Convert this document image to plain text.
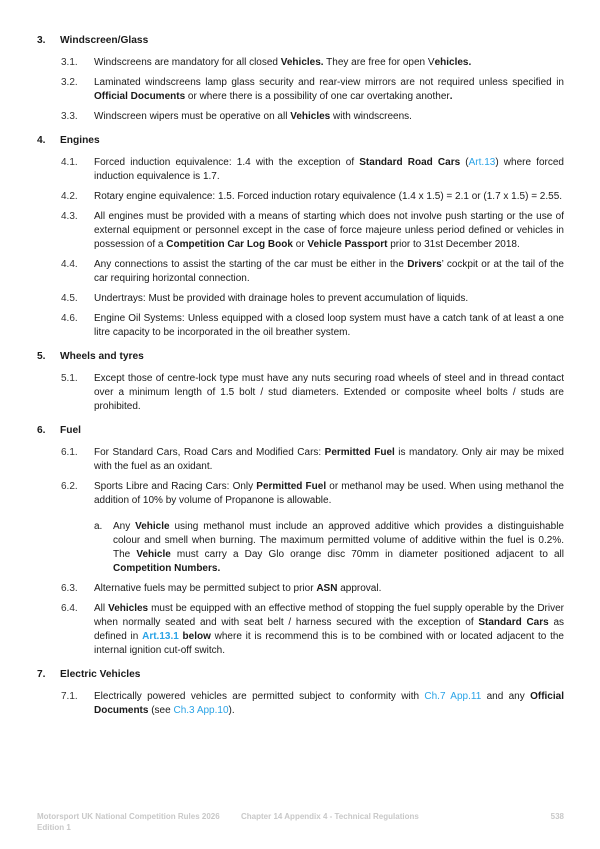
3.	Windscreen/Glass
3.1.	Windscreens are mandatory for all closed Vehicles. They are free for open Vehicles.
3.2.	Laminated windscreens lamp glass security and rear-view mirrors are not required unless specified in Official Documents or where there is a possibility of one car overtaking another.
3.3.	Windscreen wipers must be operative on all Vehicles with windscreens.
4.	Engines
4.1.	Forced induction equivalence: 1.4 with the exception of Standard Road Cars (Art.13) where forced induction equivalence is 1.7.
4.2.	Rotary engine equivalence: 1.5. Forced induction rotary equivalence (1.4 x 1.5) = 2.1 or (1.7 x 1.5) = 2.55.
4.3.	All engines must be provided with a means of starting which does not involve push starting or the use of external equipment or personnel except in the case of force majeure unless period defined or vehicles in possession of a Competition Car Log Book or Vehicle Passport prior to 31st December 2018.
4.4.	Any connections to assist the starting of the car must be either in the Drivers’ cockpit or at the tail of the car requiring horizontal connection.
4.5.	Undertrays: Must be provided with drainage holes to prevent accumulation of liquids.
4.6.	Engine Oil Systems: Unless equipped with a closed loop system must have a catch tank of at least a one litre capacity to be incorporated in the oil breather system.
5.	Wheels and tyres
5.1.	Except those of centre-lock type must have any nuts securing road wheels of steel and in thread contact over a minimum length of 1.5 bolt / stud diameters. Extended or composite wheel bolts / studs are prohibited.
6.	Fuel
6.1.	For Standard Cars, Road Cars and Modified Cars: Permitted Fuel is mandatory. Only air may be mixed with the fuel as an oxidant.
6.2.	Sports Libre and Racing Cars: Only Permitted Fuel or methanol may be used. When using methanol the addition of 10% by volume of Propanone is allowable.
a.	Any Vehicle using methanol must include an approved additive which provides a distinguishable colour and smell when burning. The maximum permitted volume of additive within the fuel is 0.2%. The Vehicle must carry a Day Glo orange disc 70mm in diameter positioned adjacent to all Competition Numbers.
6.3.	Alternative fuels may be permitted subject to prior ASN approval.
6.4.	All Vehicles must be equipped with an effective method of stopping the fuel supply operable by the Driver when normally seated and with seat belt / harness secured with the exception of Standard Cars as defined in Art.13.1 below where it is recommend this is to be combined with or located adjacent to the internal ignition cut-off switch.
7.	Electric Vehicles
7.1.	Electrically powered vehicles are permitted subject to conformity with Ch.7 App.11 and any Official Documents (see Ch.3 App.10).
Motorsport UK National Competition Rules 2026
Edition 1
Chapter 14 Appendix 4 - Technical Regulations	538
